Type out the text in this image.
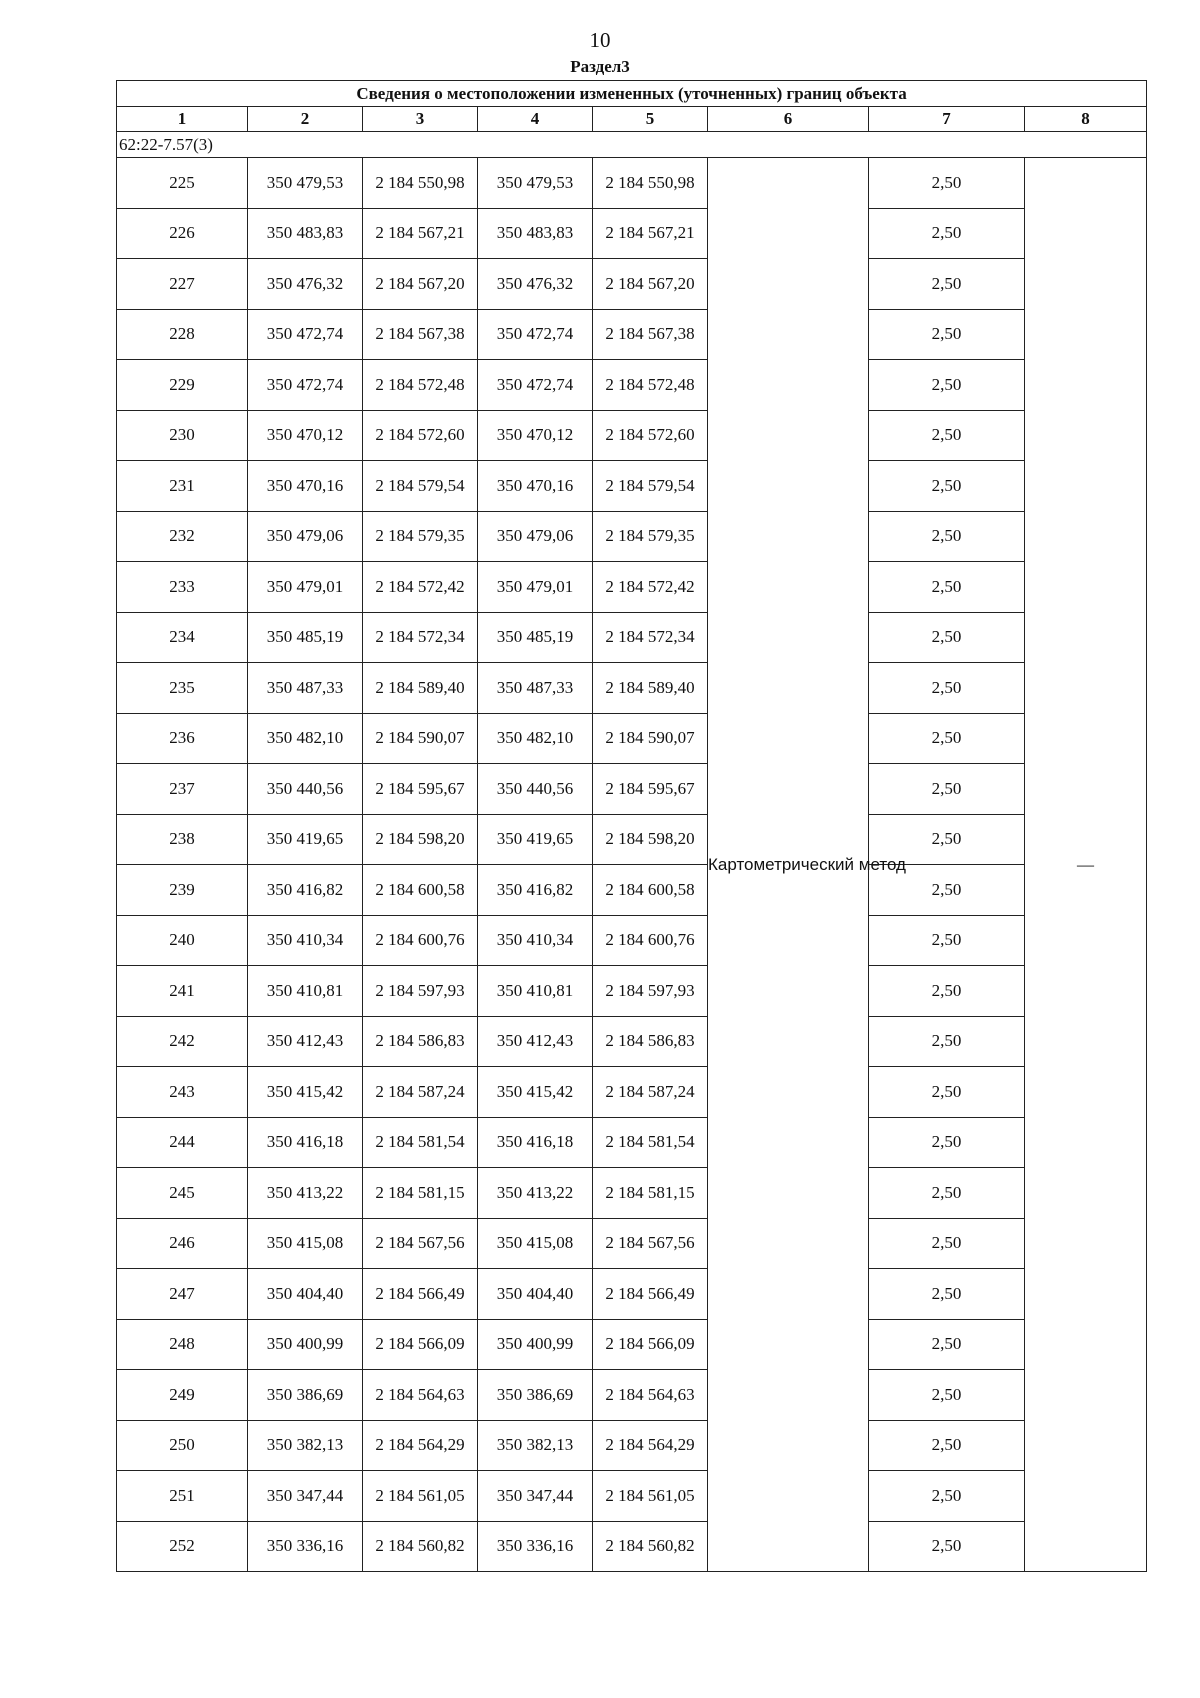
10
Раздел3
Сведения о местоположении измененных (уточненных) границ объекта							
1	2	3	4	5	6	7	8
62:22-7.57(3)							
225	350 479,53	2 184 550,98	350 479,53	2 184 550,98	Картометрический метод	2,50	—
226	350 483,83	2 184 567,21	350 483,83	2 184 567,21		2,50	
227	350 476,32	2 184 567,20	350 476,32	2 184 567,20		2,50	
228	350 472,74	2 184 567,38	350 472,74	2 184 567,38		2,50	
229	350 472,74	2 184 572,48	350 472,74	2 184 572,48		2,50	
230	350 470,12	2 184 572,60	350 470,12	2 184 572,60		2,50	
231	350 470,16	2 184 579,54	350 470,16	2 184 579,54		2,50	
232	350 479,06	2 184 579,35	350 479,06	2 184 579,35		2,50	
233	350 479,01	2 184 572,42	350 479,01	2 184 572,42		2,50	
234	350 485,19	2 184 572,34	350 485,19	2 184 572,34		2,50	
235	350 487,33	2 184 589,40	350 487,33	2 184 589,40		2,50	
236	350 482,10	2 184 590,07	350 482,10	2 184 590,07		2,50	
237	350 440,56	2 184 595,67	350 440,56	2 184 595,67		2,50	
238	350 419,65	2 184 598,20	350 419,65	2 184 598,20		2,50	
239	350 416,82	2 184 600,58	350 416,82	2 184 600,58		2,50	
240	350 410,34	2 184 600,76	350 410,34	2 184 600,76		2,50	
241	350 410,81	2 184 597,93	350 410,81	2 184 597,93		2,50	
242	350 412,43	2 184 586,83	350 412,43	2 184 586,83		2,50	
243	350 415,42	2 184 587,24	350 415,42	2 184 587,24		2,50	
244	350 416,18	2 184 581,54	350 416,18	2 184 581,54		2,50	
245	350 413,22	2 184 581,15	350 413,22	2 184 581,15		2,50	
246	350 415,08	2 184 567,56	350 415,08	2 184 567,56		2,50	
247	350 404,40	2 184 566,49	350 404,40	2 184 566,49		2,50	
248	350 400,99	2 184 566,09	350 400,99	2 184 566,09		2,50	
249	350 386,69	2 184 564,63	350 386,69	2 184 564,63		2,50	
250	350 382,13	2 184 564,29	350 382,13	2 184 564,29		2,50	
251	350 347,44	2 184 561,05	350 347,44	2 184 561,05		2,50	
252	350 336,16	2 184 560,82	350 336,16	2 184 560,82		2,50	
